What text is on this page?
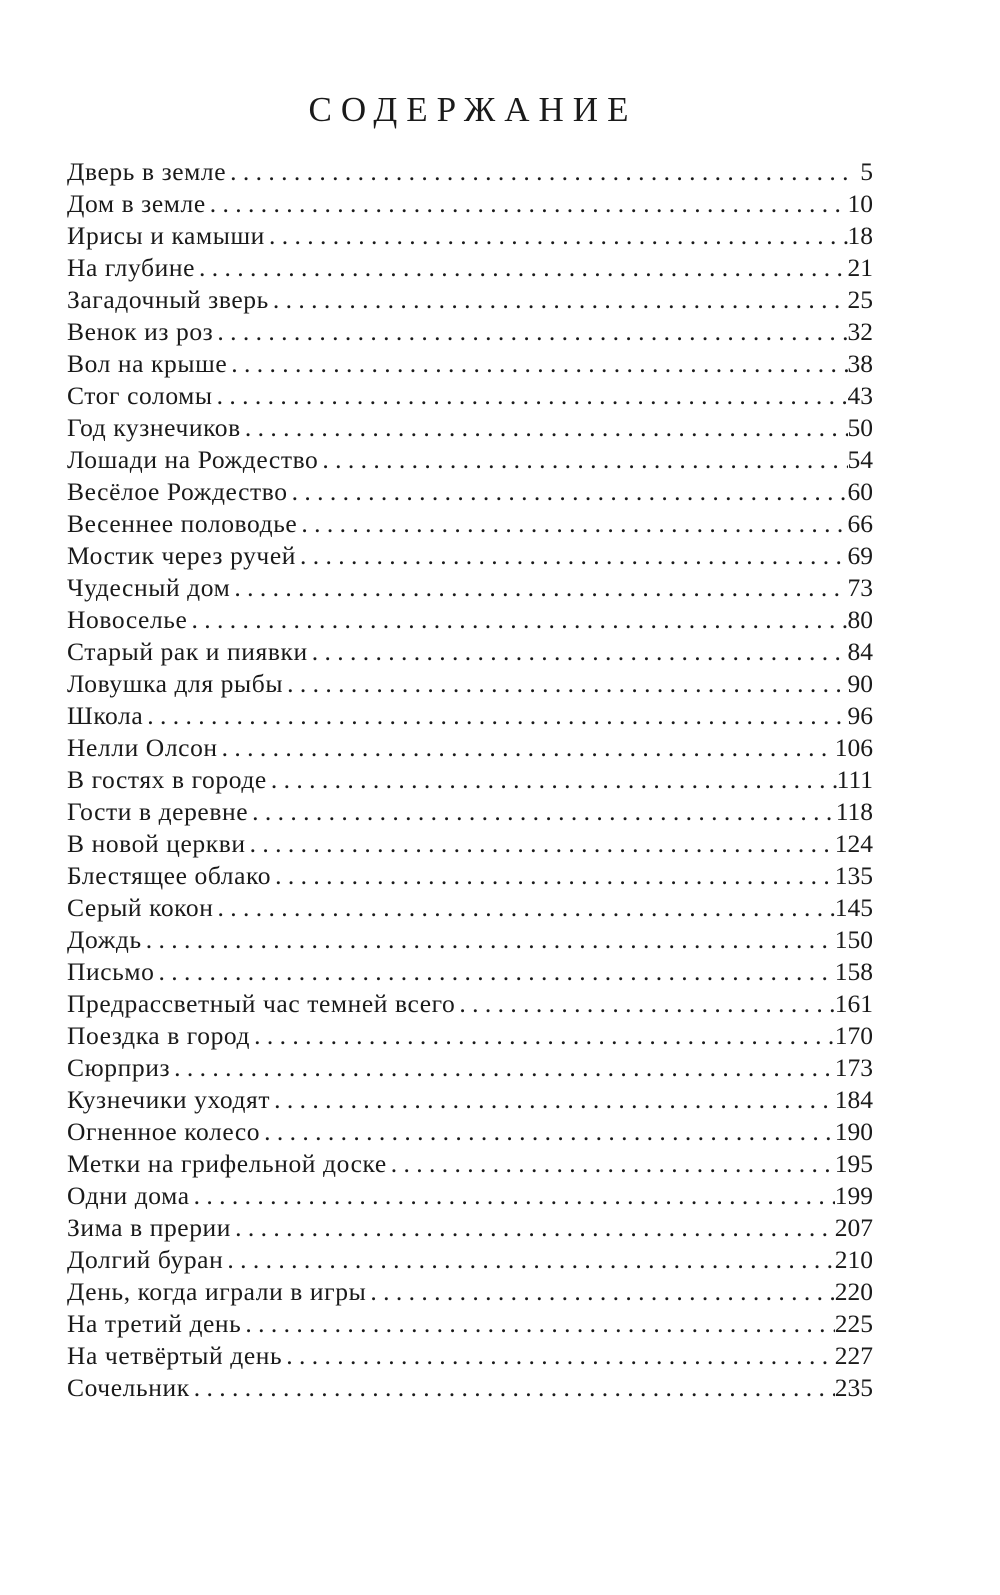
СОДЕРЖАНИЕ
Дверь в земле . . .	5
Дом в земле . . .	10
Ирисы и камыши . . .	18
На глубине . . .	21
Загадочный зверь . . .	25
Венок из роз . . .	32
Вол на крыше . . .	38
Стог соломы . . .	43
Год кузнечиков . . .	50
Лошади на Рождество . . .	54
Весёлое Рождество . . .	60
Весеннее половодье . . .	66
Мостик через ручей . . .	69
Чудесный дом . . .	73
Новоселье . . .	80
Старый рак и пиявки . . .	84
Ловушка для рыбы . . .	90
Школа . . .	96
Нелли Олсон . . .	106
В гостях в городе . . .	111
Гости в деревне . . .	118
В новой церкви . . .	124
Блестящее облако . . .	135
Серый кокон . . .	145
Дождь . . .	150
Письмо . . .	158
Предрассветный час темней всего . . .	161
Поездка в город . . .	170
Сюрприз . . .	173
Кузнечики уходят . . .	184
Огненное колесо . . .	190
Метки на грифельной доске . . .	195
Одни дома . . .	199
Зима в прерии . . .	207
Долгий буран . . .	210
День, когда играли в игры . . .	220
На третий день . . .	225
На четвёртый день . . .	227
Сочельник . . .	235
